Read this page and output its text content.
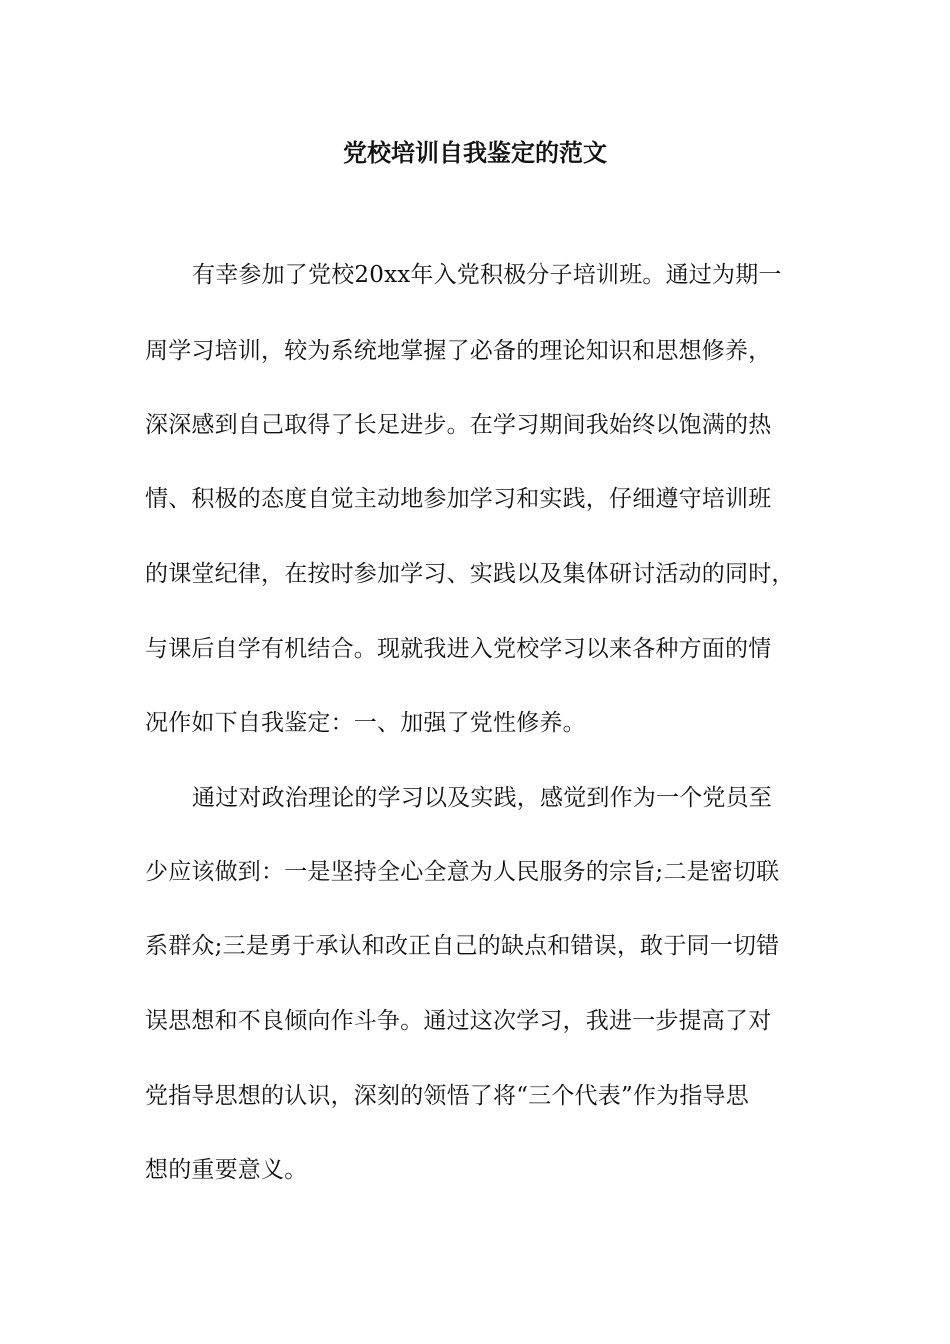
党校培训自我鉴定的范文
有幸参加了党校20xx年入党积极分子培训班。通过为期一
周学习培训，较为系统地掌握了必备的理论知识和思想修养，
深深感到自己取得了长足进步。在学习期间我始终以饱满的热
情、积极的态度自觉主动地参加学习和实践，仔细遵守培训班
的课堂纪律，在按时参加学习、实践以及集体研讨活动的同时，
与课后自学有机结合。现就我进入党校学习以来各种方面的情
况作如下自我鉴定：一、加强了党性修养。
通过对政治理论的学习以及实践，感觉到作为一个党员至
少应该做到：一是坚持全心全意为人民服务的宗旨;二是密切联
系群众;三是勇于承认和改正自己的缺点和错误，敢于同一切错
误思想和不良倾向作斗争。通过这次学习，我进一步提高了对
党指导思想的认识，深刻的领悟了将“三个代表”作为指导思
想的重要意义。
